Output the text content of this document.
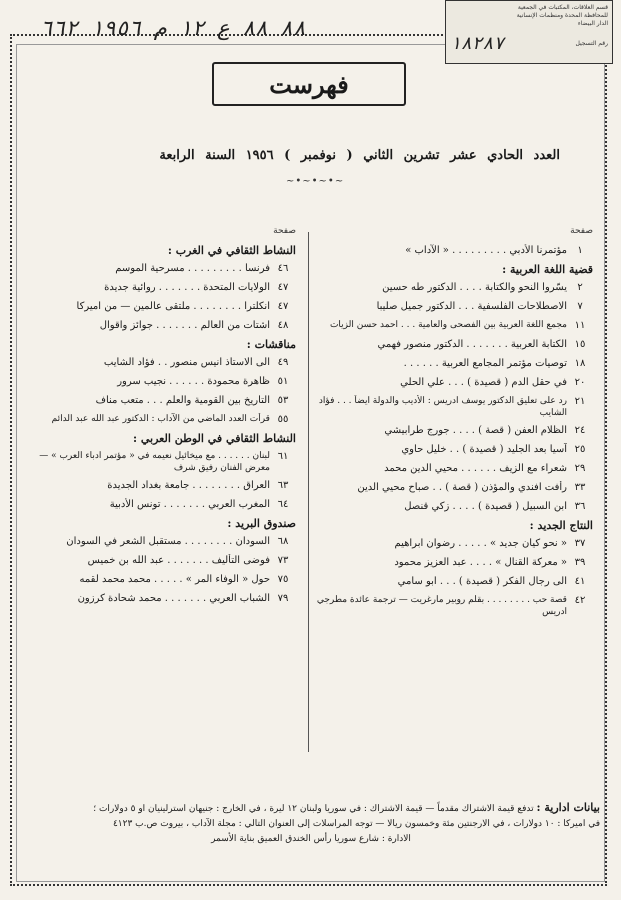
٨٨ ٨٨ ع ١٢ م ١٩٥٦ ٦٦٢
قسم العلاقات، المكتبات في الجمعية
للمحافظة المحدة ومنظمات الإنسانية
الدار البيضاء
رقم التسجيل
١٨٢٨٧
فهرست
العدد الحادي عشر تشرين الثاني ( نوفمبر ) ١٩٥٦ السنة الرابعة
~•~•~•~
صفحة
١
مؤتمرنا الأدبي . . . . . . . . . « الآداب »
قضية اللغة العربية :
٢
يسّروا النحو والكتابة . . . . الدكتور طه حسين
٧
الاصطلاحات الفلسفية . . . الدكتور جميل صليبا
١١
مجمع اللغة العربية بين الفصحى والعامية . . . احمد حسن الزيات
١٥
الكتابة العربية . . . . . . . الدكتور منصور فهمي
١٨
توصيات مؤتمر المجامع العربية . . . . . .
٢٠
في حقل الدم ( قصيدة ) . . . علي الحلي
٢١
رد على تعليق الدكتور يوسف ادريس : الأديب والدولة ايضاً . . . فؤاد الشايب
٢٤
الظلام العفن ( قصة ) . . . . جورج طرابيشي
٢٥
آسيا بعد الجليد ( قصيدة ) . . خليل حاوي
٢٩
شعراء مع الزيف . . . . . . محيي الدين محمد
٣٣
رأفت افندي والمؤذن ( قصة ) . . صباح محيي الدين
٣٦
ابن السبيل ( قصيدة ) . . . . زكي قنصل
النتاج الجديد :
٣٧
« نحو كيان جديد » . . . . . رضوان ابراهيم
٣٩
« معركة القنال » . . . . عبد العزيز محمود
٤١
الى رجال الفكر ( قصيدة ) . . . ابو سامي
٤٢
قصة حب . . . . . . . . بقلم روبير مارغريت — ترجمة عائدة مطرجي ادريس
صفحة
النشاط الثقافي في الغرب :
٤٦
فرنسا . . . . . . . . . مسرحية الموسم
٤٧
الولايات المتحدة . . . . . . . روائية جديدة
٤٧
انكلترا . . . . . . . . ملتقى عالمين — من اميركا
٤٨
اشتات من العالم . . . . . . . جوائز واقوال
مناقشات :
٤٩
الى الاستاذ انيس منصور . . فؤاد الشايب
٥١
ظاهرة محمودة . . . . . . نجيب سرور
٥٣
التاريخ بين القومية والعلم . . . متعب مناف
٥٥
قرأت العدد الماضي من الآداب : الدكتور عبد الله عبد الدائم
النشاط الثقافي في الوطن العربي :
٦١
لبنان . . . . . . مع ميخائيل نعيمه في « مؤتمر ادباء العرب » — معرض الفنان رفيق شرف
٦٣
العراق . . . . . . . . جامعة بغداد الجديدة
٦٤
المغرب العربي . . . . . . . تونس الأدبية
صندوق البريد :
٦٨
السودان . . . . . . . . مستقبل الشعر في السودان
٧٣
فوضى التأليف . . . . . . . عبد الله بن خميس
٧٥
حول « الوفاء المر » . . . . . محمد محمد لقمه
٧٩
الشباب العربي . . . . . . . محمد شحادة كرزون
بيانات ادارية : تدفع قيمة الاشتراك مقدماً — قيمة الاشتراك : في سوريا ولبنان ١٢ ليرة ، في الخارج : جنيهان استرلينيان او ٥ دولارات ؛
في اميركا : ١٠ دولارات ، في الارجنتين مئة وخمسون ريالا — توجه المراسلات إلى العنوان التالي : مجلة الآداب ، بيروت ص.ب ٤١٢٣
الادارة : شارع سوريا رأس الخندق العميق بناية الأسمر
